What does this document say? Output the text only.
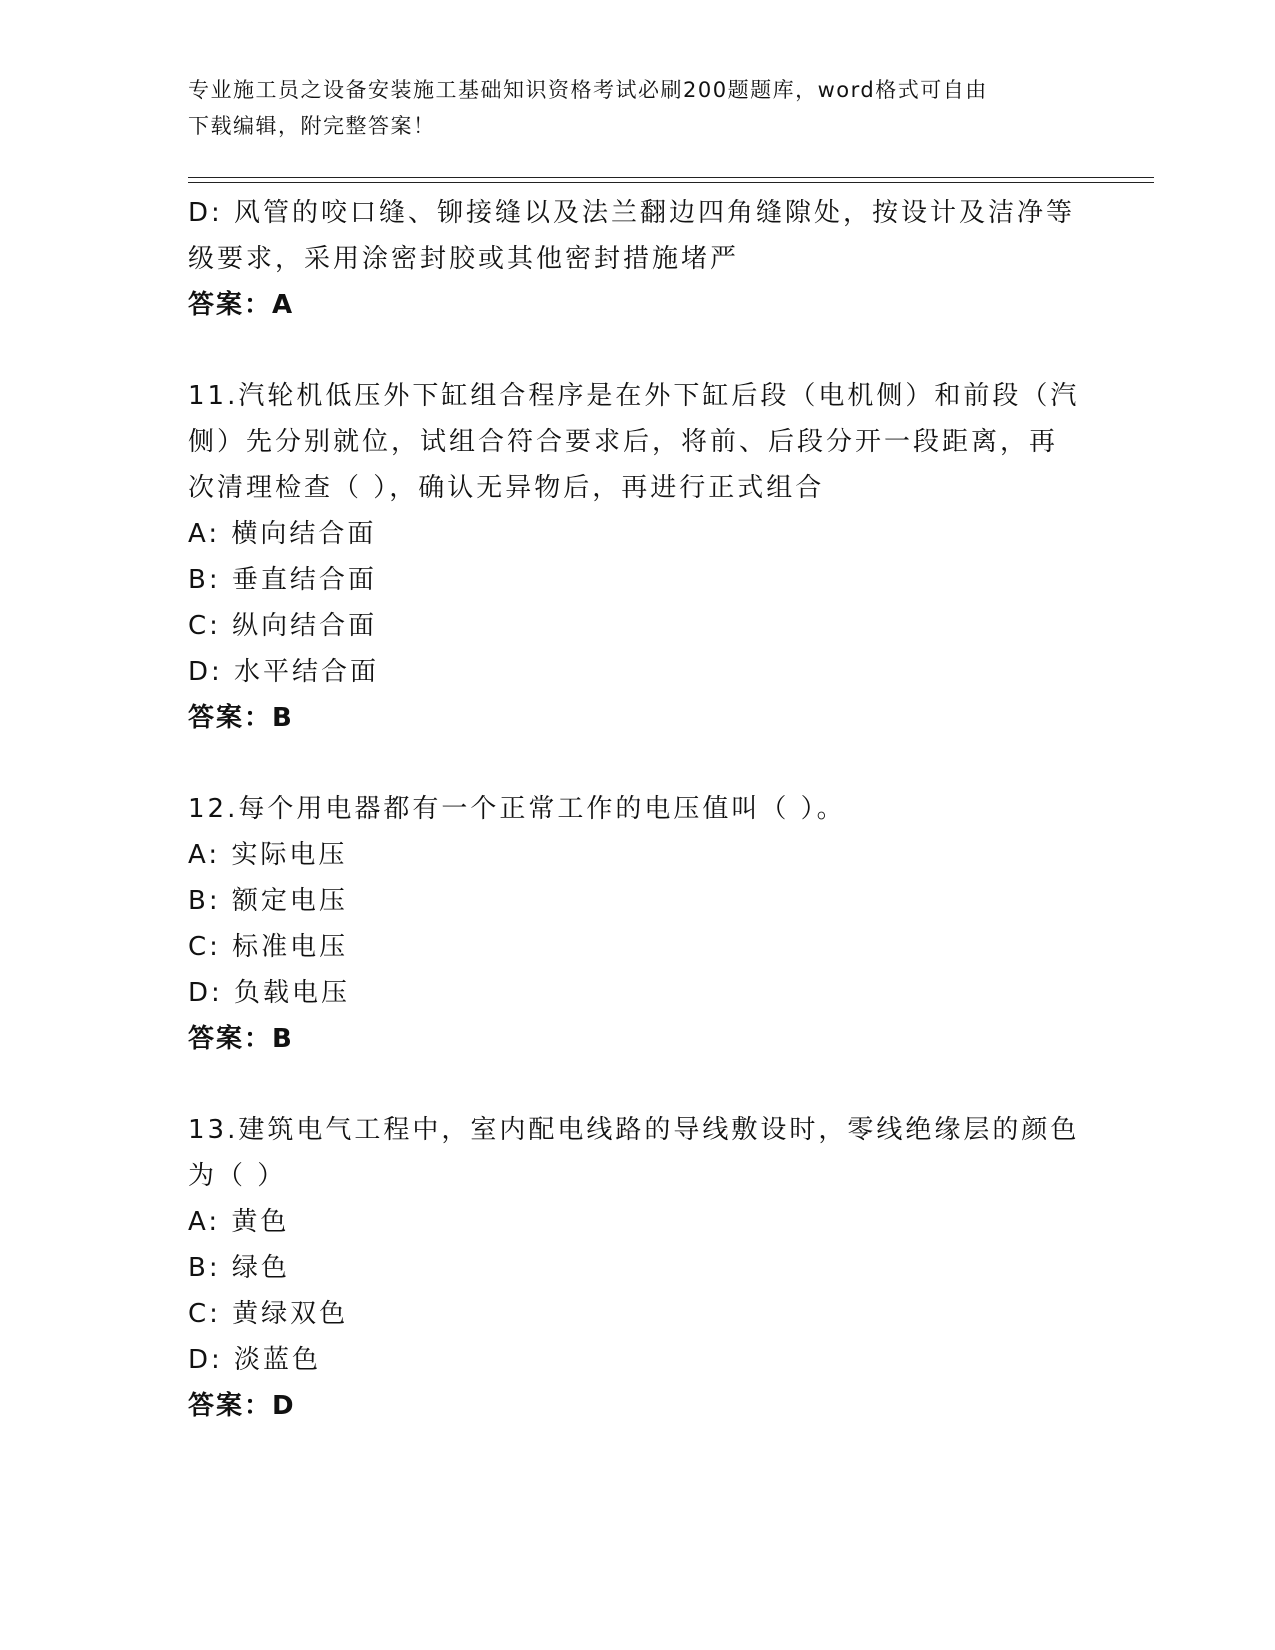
专业施工员之设备安装施工基础知识资格考试必刷200题题库，word格式可自由
下载编辑，附完整答案！
D: 风管的咬口缝、铆接缝以及法兰翻边四角缝隙处，按设计及洁净等
级要求，采用涂密封胶或其他密封措施堵严
答案：A
11.汽轮机低压外下缸组合程序是在外下缸后段（电机侧）和前段（汽
侧）先分别就位，试组合符合要求后，将前、后段分开一段距离，再
次清理检查（ ），确认无异物后，再进行正式组合
A: 横向结合面
B: 垂直结合面
C: 纵向结合面
D: 水平结合面
答案：B
12.每个用电器都有一个正常工作的电压值叫（ ）。
A: 实际电压
B: 额定电压
C: 标准电压
D: 负载电压
答案：B
13.建筑电气工程中，室内配电线路的导线敷设时，零线绝缘层的颜色
为（ ）
A: 黄色
B: 绿色
C: 黄绿双色
D: 淡蓝色
答案：D
